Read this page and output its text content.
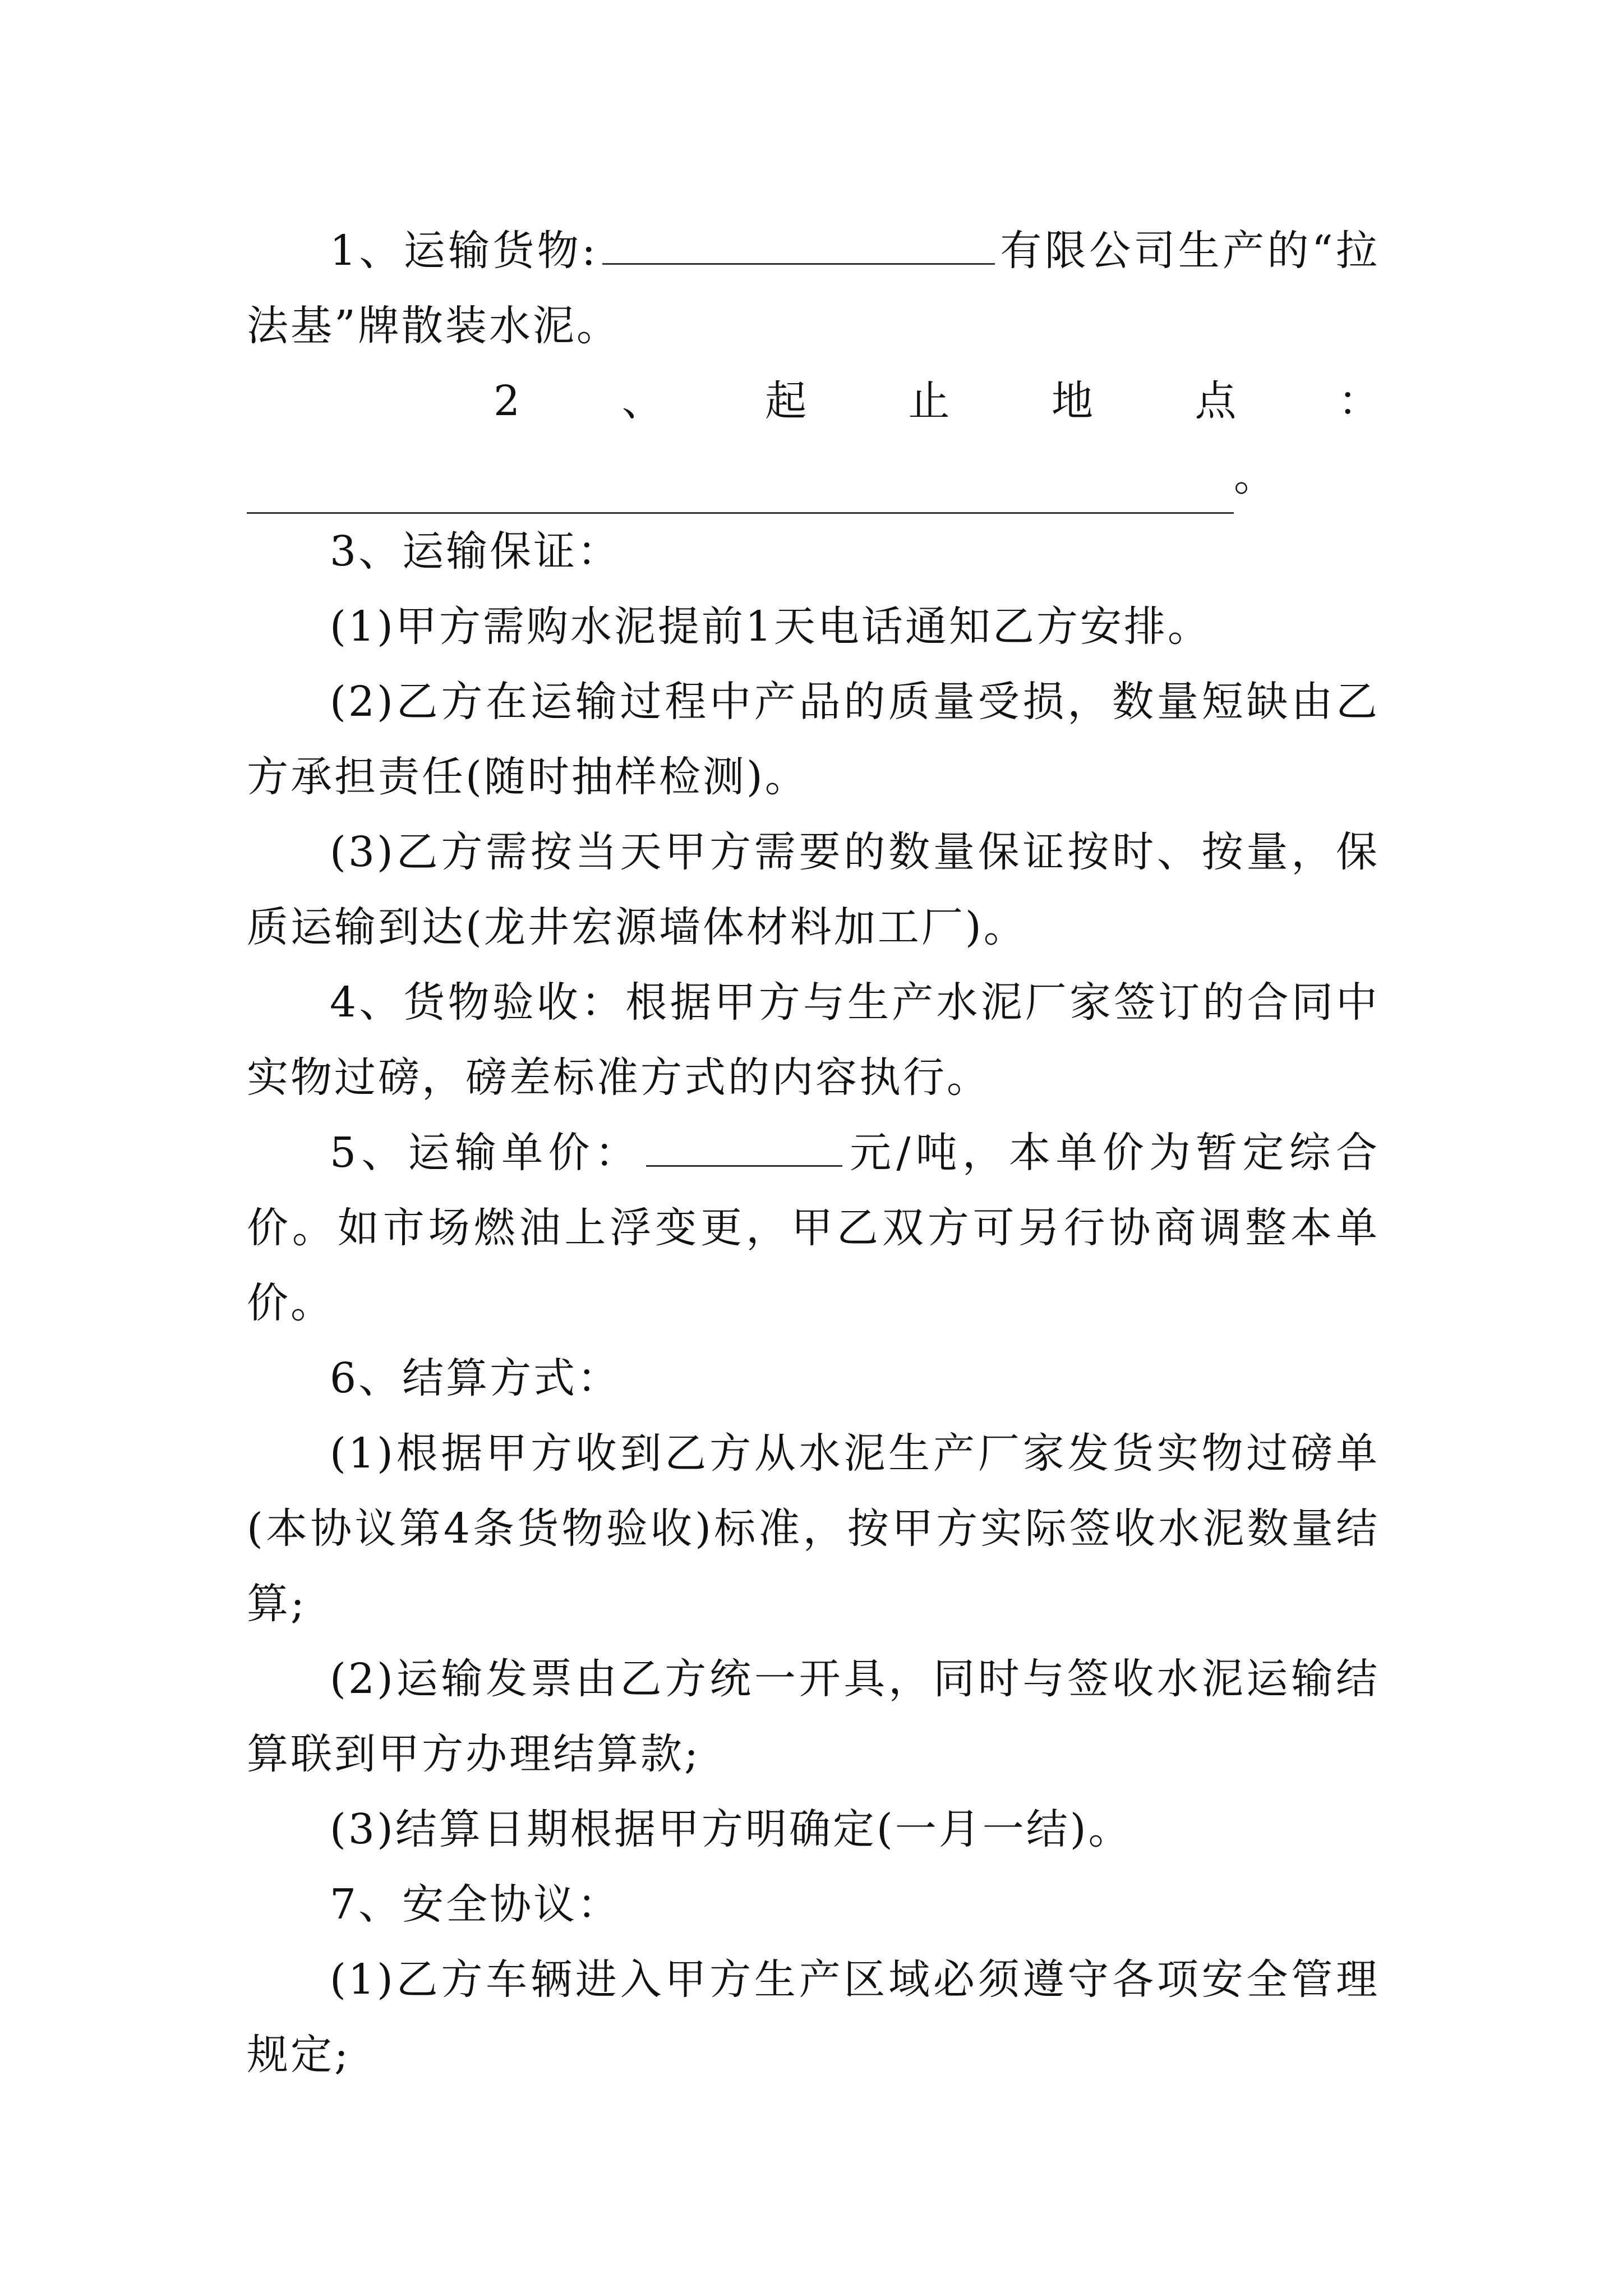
1、运输货物:	有限公司生产的“拉法基”牌散装水泥。

2 、 起 止 地 点 ：
。

3、运输保证：

(1)甲方需购水泥提前1天电话通知乙方安排。

(2)乙方在运输过程中产品的质量受损，数量短缺由乙方承担责任(随时抽样检测)。

(3)乙方需按当天甲方需要的数量保证按时、按量，保质运输到达(龙井宏源墙体材料加工厂)。

4、货物验收：根据甲方与生产水泥厂家签订的合同中实物过磅，磅差标准方式的内容执行。

5、运输单价：	元/吨，本单价为暂定综合价。如市场燃油上浮变更，甲乙双方可另行协商调整本单价。

6、结算方式：

(1)根据甲方收到乙方从水泥生产厂家发货实物过磅单(本协议第4条货物验收)标准，按甲方实际签收水泥数量结算;

(2)运输发票由乙方统一开具，同时与签收水泥运输结算联到甲方办理结算款;

(3)结算日期根据甲方明确定(一月一结)。

7、安全协议：

(1)乙方车辆进入甲方生产区域必须遵守各项安全管理规定;
